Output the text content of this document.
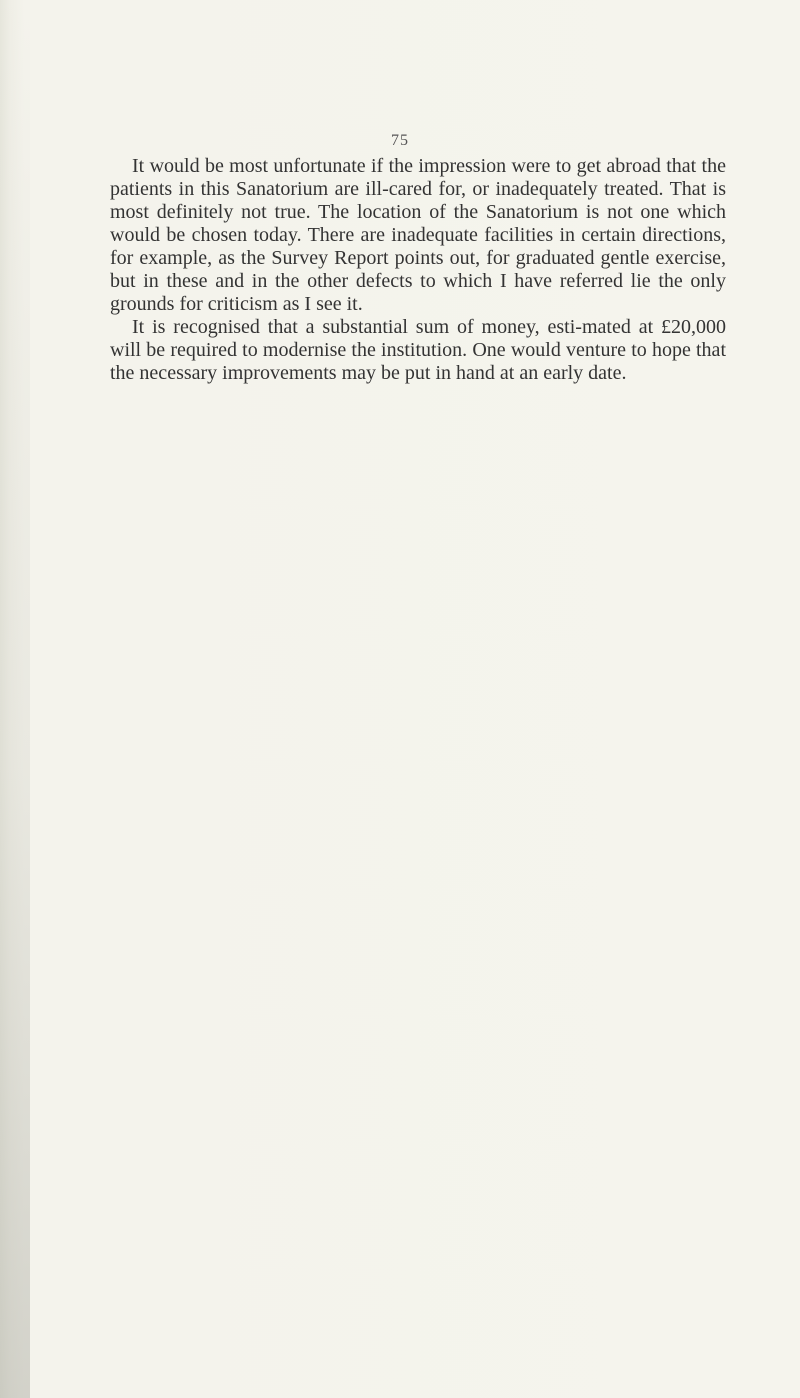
75

It would be most unfortunate if the impression were to get abroad that the patients in this Sanatorium are ill-cared for, or inadequately treated. That is most definitely not true. The location of the Sanatorium is not one which would be chosen today. There are inadequate facilities in certain directions, for example, as the Survey Report points out, for graduated gentle exercise, but in these and in the other defects to which I have referred lie the only grounds for criticism as I see it.

It is recognised that a substantial sum of money, esti-mated at £20,000 will be required to modernise the institution. One would venture to hope that the necessary improvements may be put in hand at an early date.
